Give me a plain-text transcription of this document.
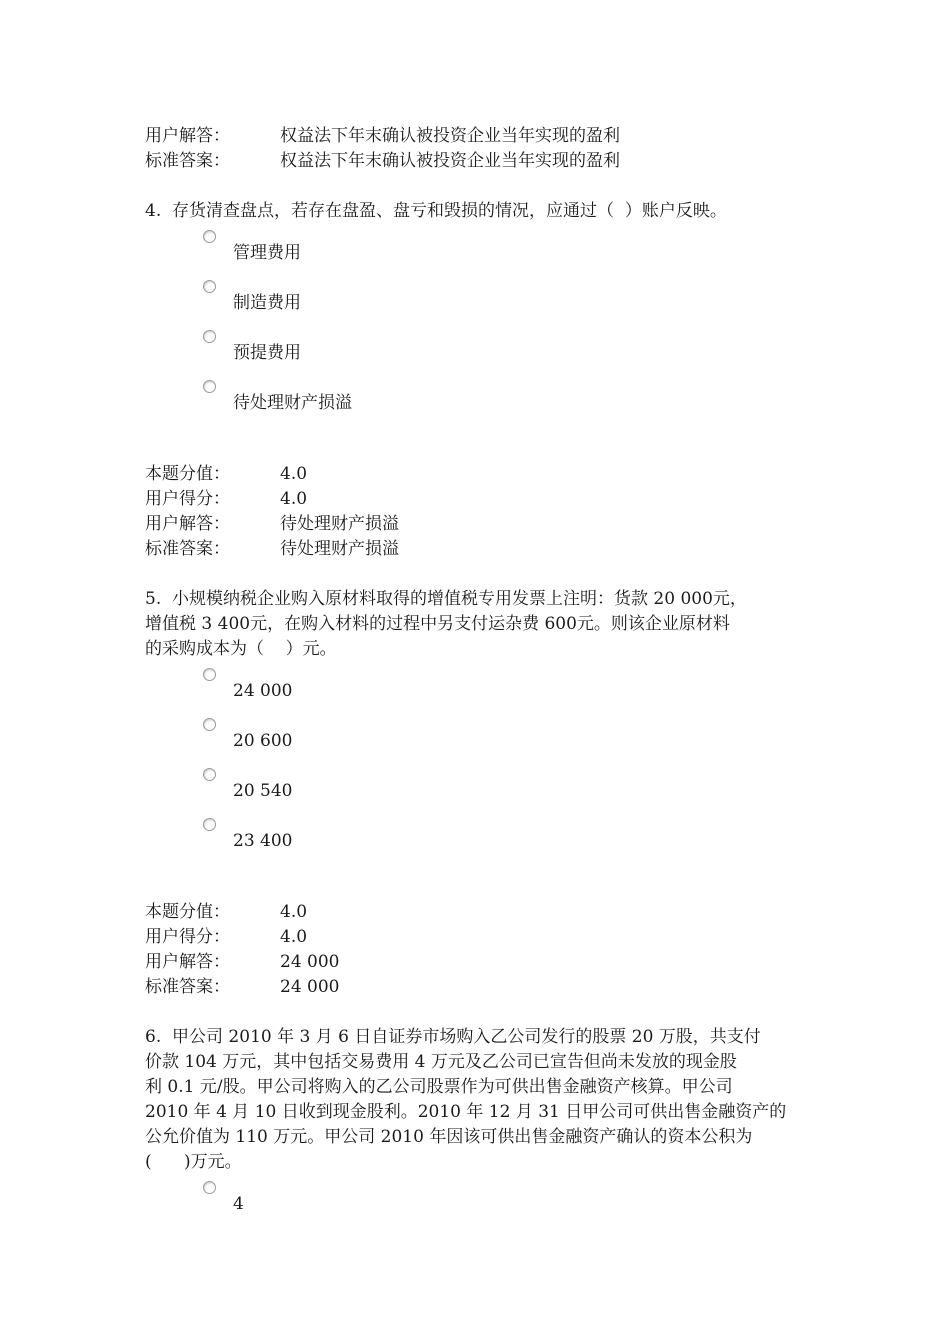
用户解答：	权益法下年末确认被投资企业当年实现的盈利
标准答案：	权益法下年末确认被投资企业当年实现的盈利
4.  存货清查盘点，若存在盘盈、盘亏和毁损的情况，应通过（  ）账户反映。
管理费用
制造费用
预提费用
待处理财产损溢
本题分值：	4.0
用户得分：	4.0
用户解答：	待处理财产损溢
标准答案：	待处理财产损溢
5.  小规模纳税企业购入原材料取得的增值税专用发票上注明：货款 20 000元，
增值税 3 400元，在购入材料的过程中另支付运杂费 600元。则该企业原材料
的采购成本为（    ）元。
24 000
20 600
20 540
23 400
本题分值：	4.0
用户得分：	4.0
用户解答：	24 000
标准答案：	24 000
6.  甲公司 2010 年 3 月 6 日自证券市场购入乙公司发行的股票 20 万股，共支付
价款 104 万元，其中包括交易费用 4 万元及乙公司已宣告但尚未发放的现金股
利 0.1 元/股。甲公司将购入的乙公司股票作为可供出售金融资产核算。甲公司
2010 年 4 月 10 日收到现金股利。2010 年 12 月 31 日甲公司可供出售金融资产的
公允价值为 110 万元。甲公司 2010 年因该可供出售金融资产确认的资本公积为
(      )万元。
4
